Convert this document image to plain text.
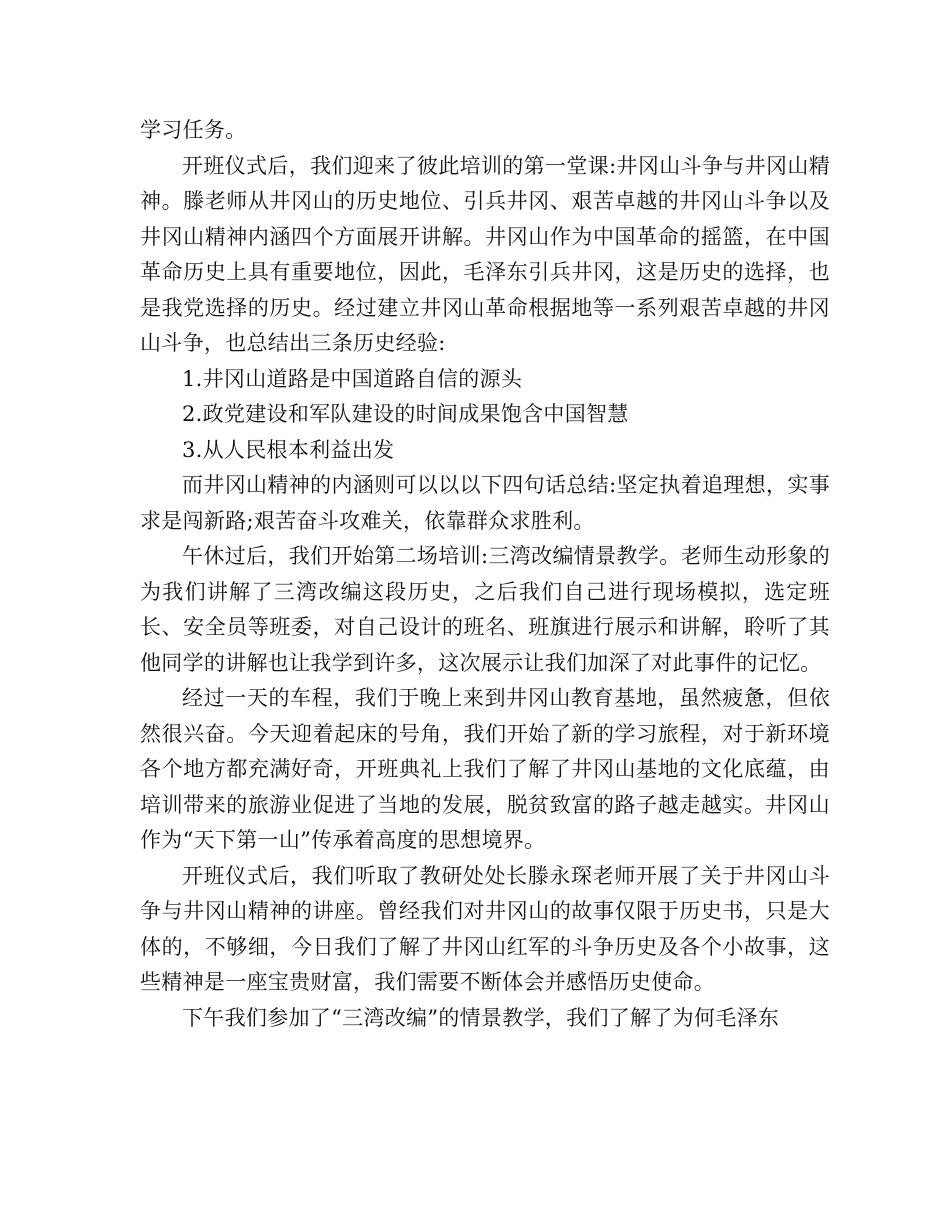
学习任务。

开班仪式后，我们迎来了彼此培训的第一堂课:井冈山斗争与井冈山精神。滕老师从井冈山的历史地位、引兵井冈、艰苦卓越的井冈山斗争以及井冈山精神内涵四个方面展开讲解。井冈山作为中国革命的摇篮，在中国革命历史上具有重要地位，因此，毛泽东引兵井冈，这是历史的选择，也是我党选择的历史。经过建立井冈山革命根据地等一系列艰苦卓越的井冈山斗争，也总结出三条历史经验:

1.井冈山道路是中国道路自信的源头

2.政党建设和军队建设的时间成果饱含中国智慧

3.从人民根本利益出发

而井冈山精神的内涵则可以以以下四句话总结:坚定执着追理想，实事求是闯新路;艰苦奋斗攻难关，依靠群众求胜利。

午休过后，我们开始第二场培训:三湾改编情景教学。老师生动形象的为我们讲解了三湾改编这段历史，之后我们自己进行现场模拟，选定班长、安全员等班委，对自己设计的班名、班旗进行展示和讲解，聆听了其他同学的讲解也让我学到许多，这次展示让我们加深了对此事件的记忆。

经过一天的车程，我们于晚上来到井冈山教育基地，虽然疲惫，但依然很兴奋。今天迎着起床的号角，我们开始了新的学习旅程，对于新环境各个地方都充满好奇，开班典礼上我们了解了井冈山基地的文化底蕴，由培训带来的旅游业促进了当地的发展，脱贫致富的路子越走越实。井冈山作为“天下第一山”传承着高度的思想境界。

开班仪式后，我们听取了教研处处长滕永琛老师开展了关于井冈山斗争与井冈山精神的讲座。曾经我们对井冈山的故事仅限于历史书，只是大体的，不够细，今日我们了解了井冈山红军的斗争历史及各个小故事，这些精神是一座宝贵财富，我们需要不断体会并感悟历史使命。

下午我们参加了“三湾改编”的情景教学，我们了解了为何毛泽东
